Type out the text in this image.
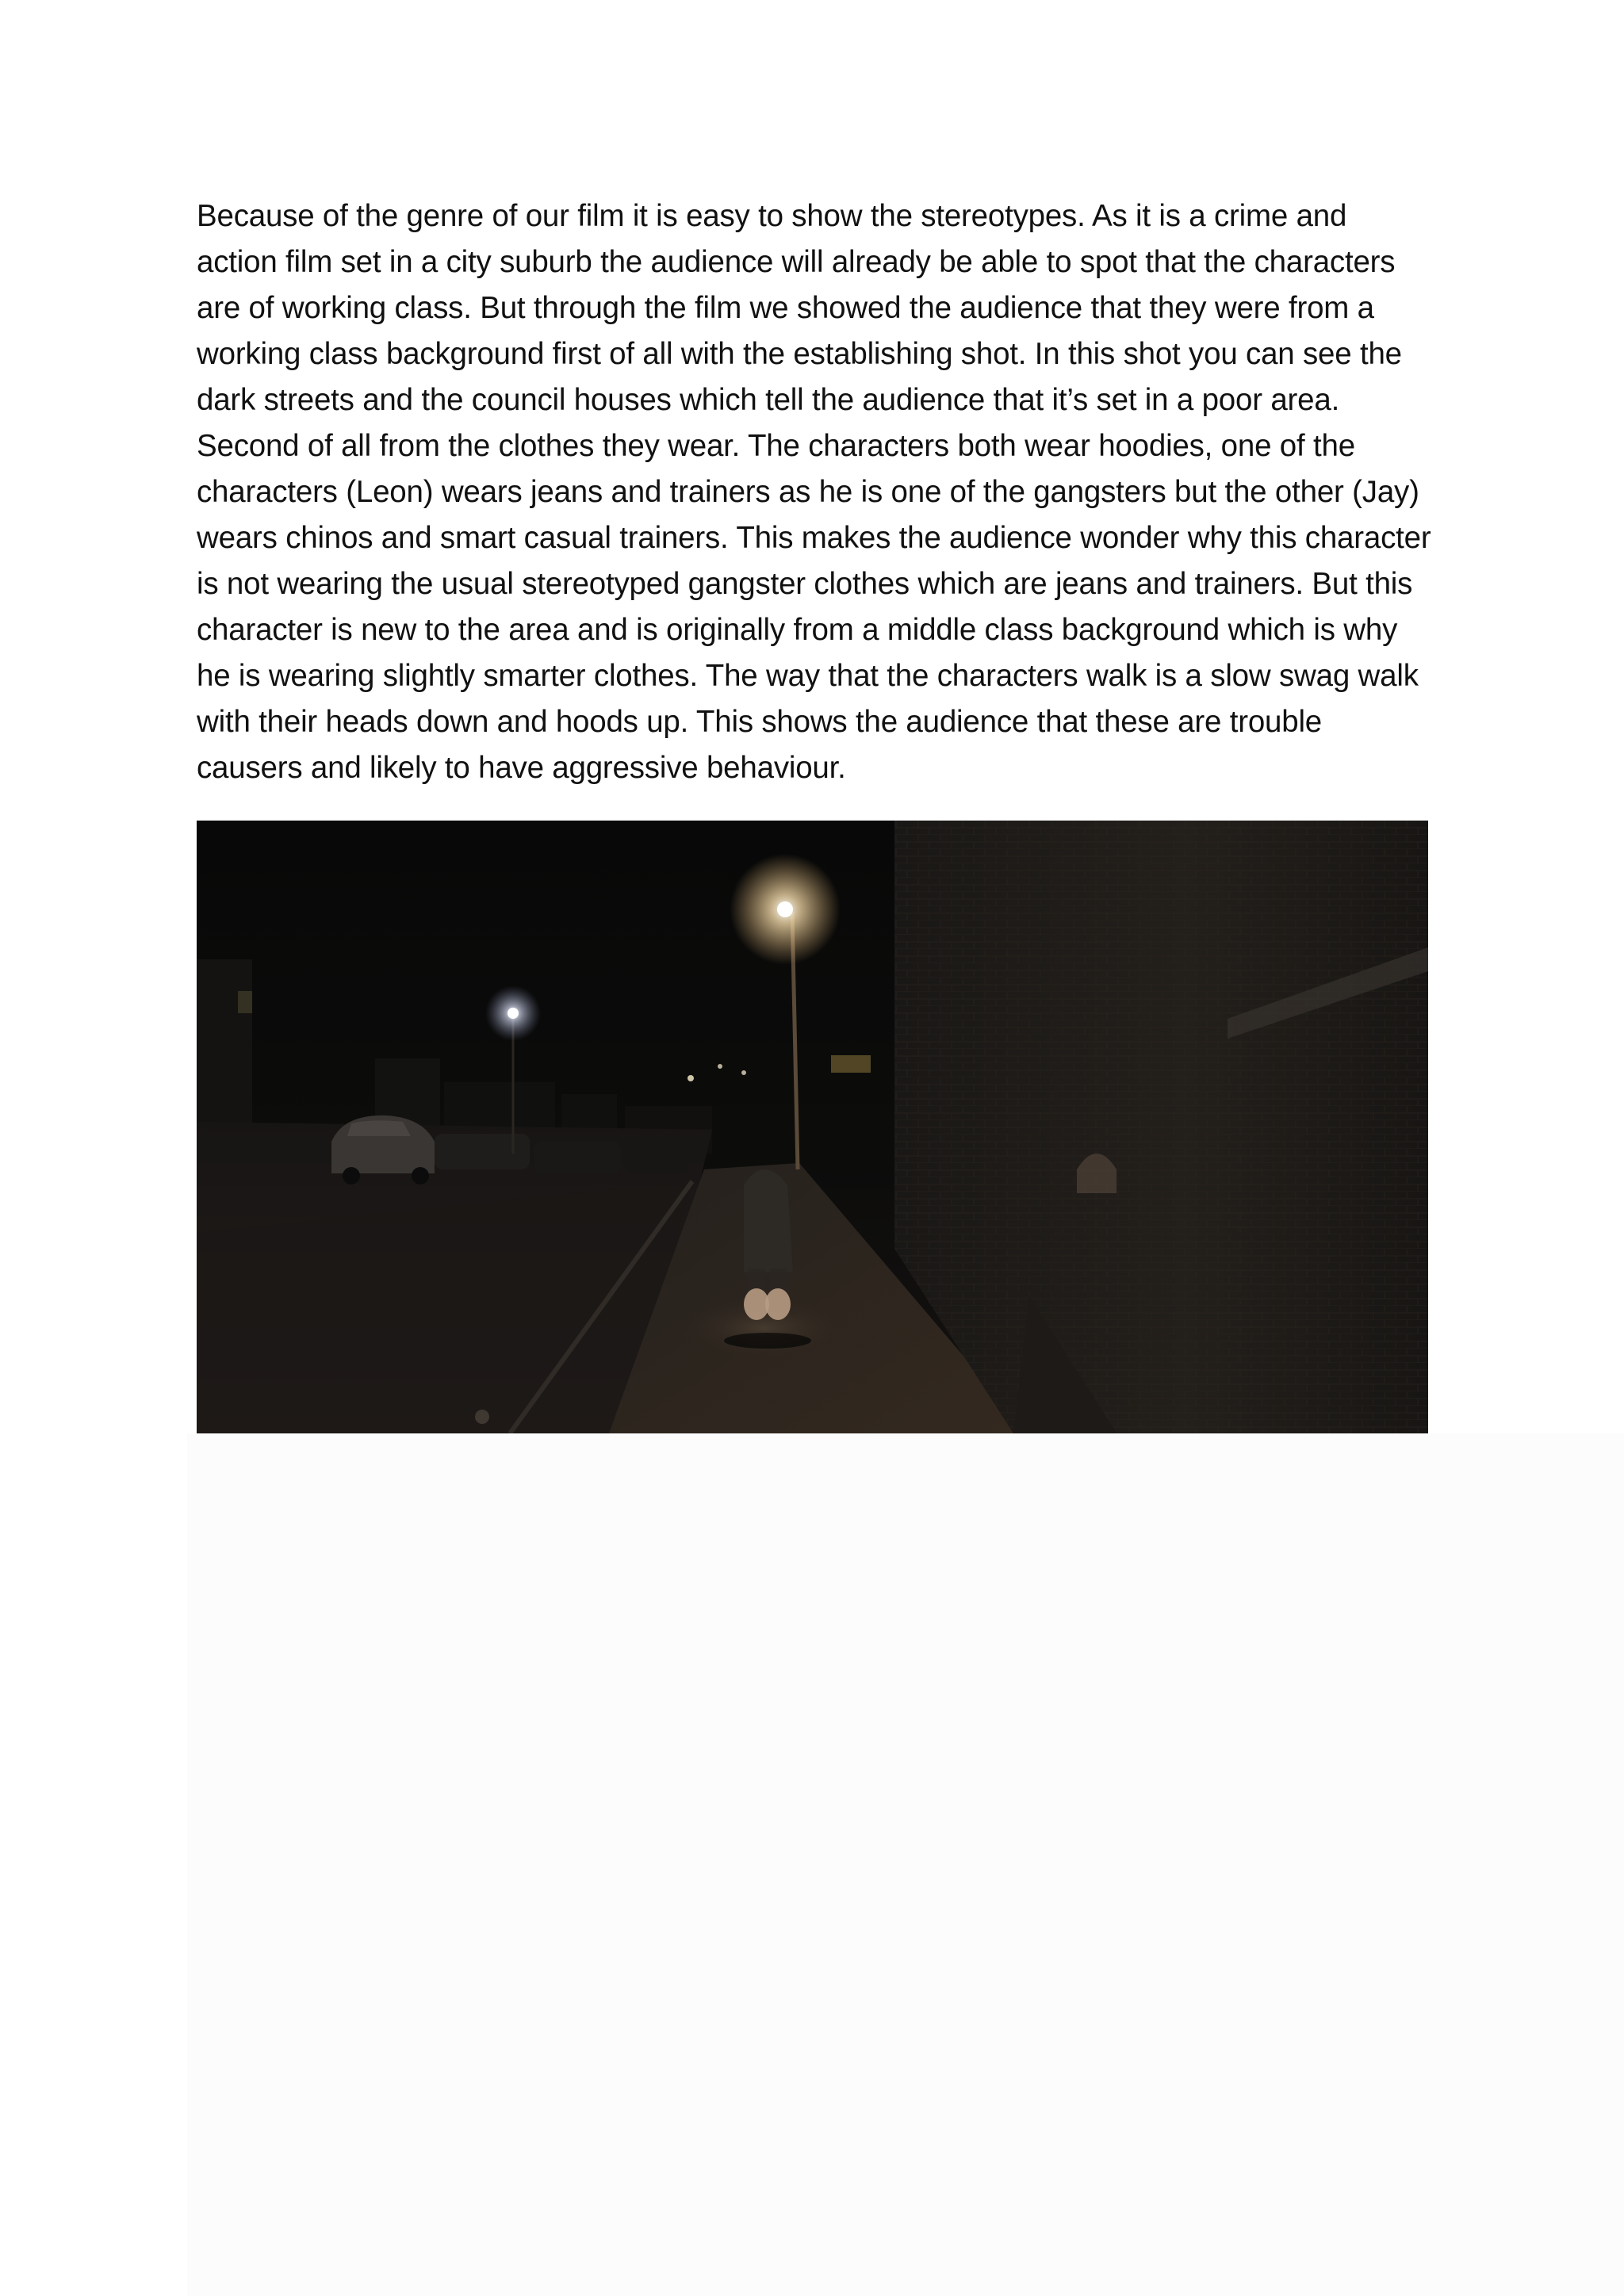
Because of the genre of our film it is easy to show the stereotypes. As it is a crime and
action film set in a city suburb the audience will already be able to spot that the characters
are of working class. But through the film we showed the audience that they were from a
working class background first of all with the establishing shot. In this shot you can see the
dark streets and the council houses which tell the audience that it’s set in a poor area.
Second of all from the clothes they wear. The characters both wear hoodies, one of the
characters (Leon) wears jeans and trainers as he is one of the gangsters but the other (Jay)
wears chinos and smart casual trainers. This makes the audience wonder why this character
is not wearing the usual stereotyped gangster clothes which are jeans and trainers. But this
character is new to the area and is originally from a middle class background which is why
he is wearing slightly smarter clothes. The way that the characters walk is a slow swag walk
with their heads down and hoods up. This shows the audience that these are trouble
causers and likely to have aggressive behaviour.
